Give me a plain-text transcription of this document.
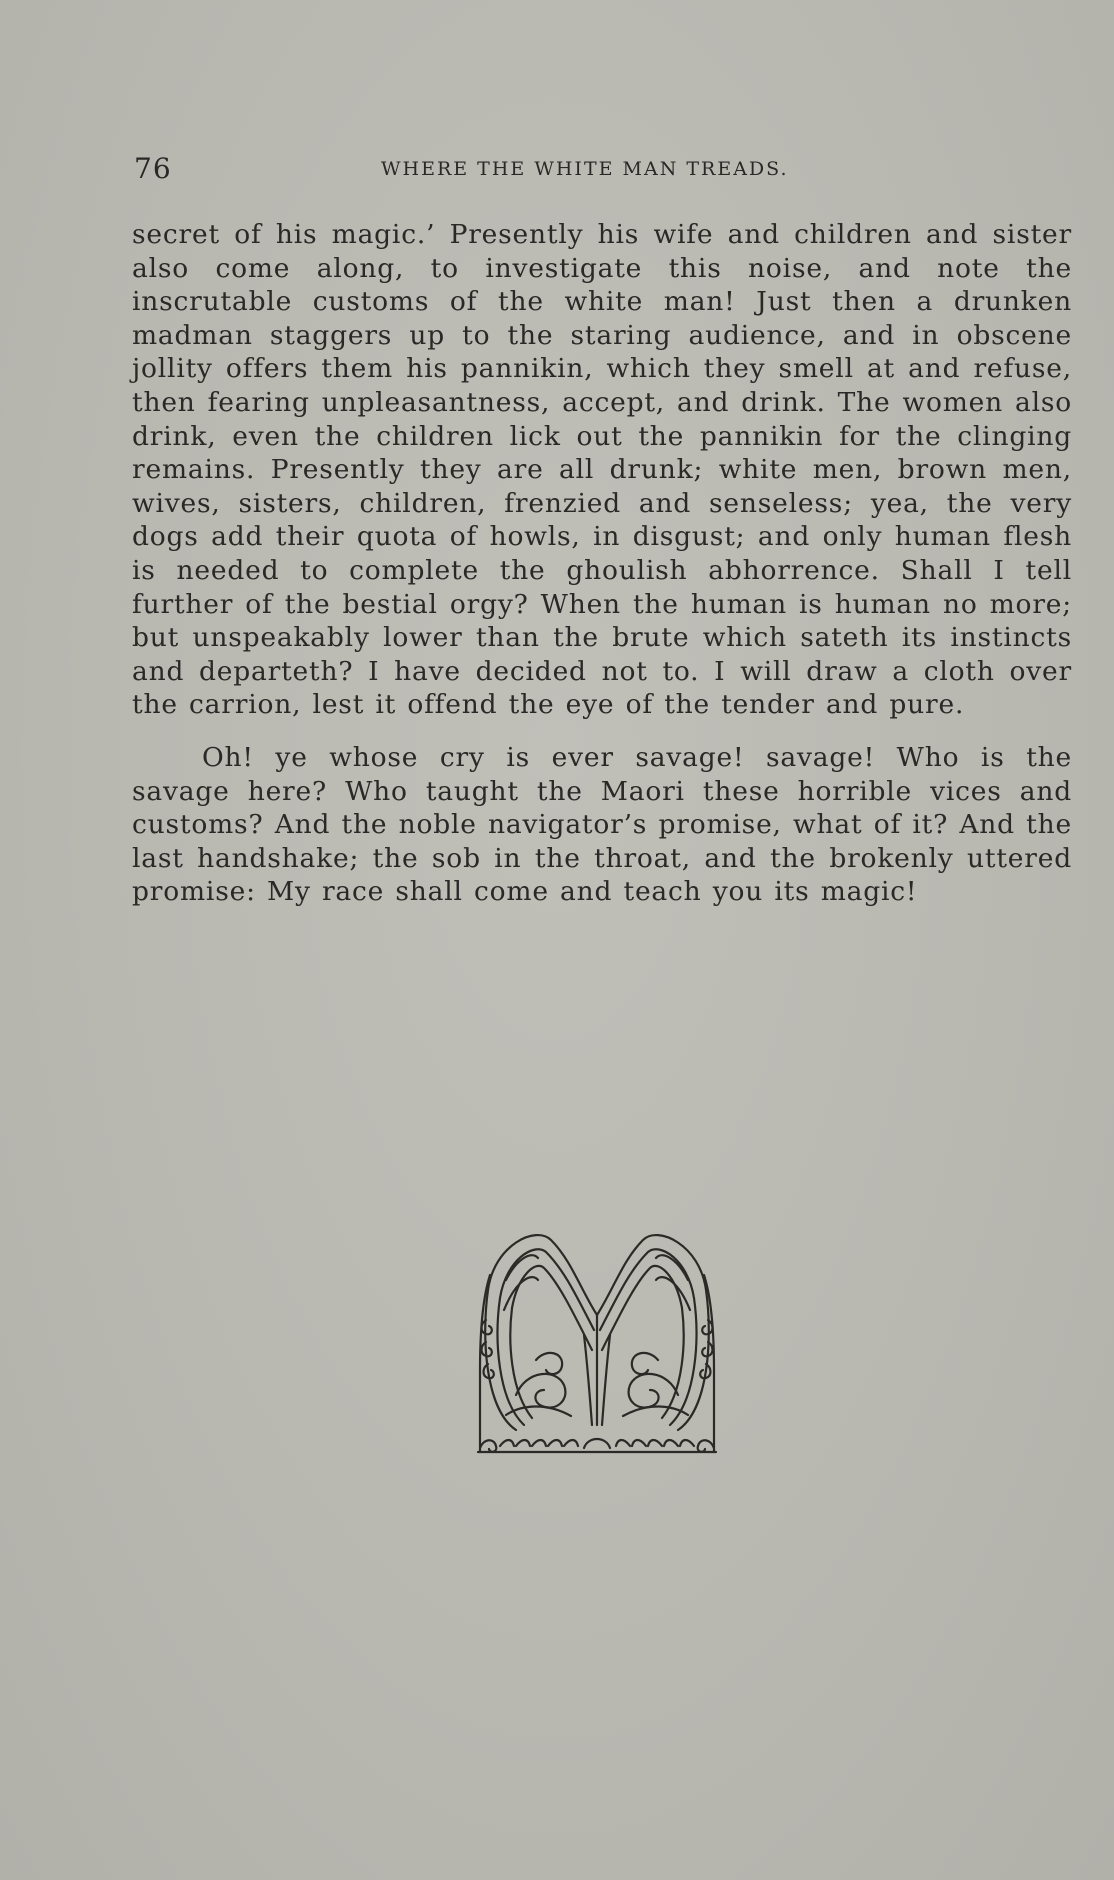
76	WHERE THE WHITE MAN TREADS.

secret of his magic.’ Presently his wife and children and sister also come along, to investigate this noise, and note the inscrutable customs of the white man! Just then a drunken madman staggers up to the staring audience, and in obscene jollity offers them his pannikin, which they smell at and refuse, then fearing unpleasantness, accept, and drink. The women also drink, even the children lick out the pannikin for the clinging remains. Presently they are all drunk; white men, brown men, wives, sisters, children, frenzied and senseless; yea, the very dogs add their quota of howls, in disgust; and only human flesh is needed to complete the ghoulish abhorrence. Shall I tell further of the bestial orgy? When the human is human no more; but unspeakably lower than the brute which sateth its instincts and departeth? I have decided not to. I will draw a cloth over the carrion, lest it offend the eye of the tender and pure.

Oh! ye whose cry is ever savage! savage! Who is the savage here? Who taught the Maori these horrible vices and customs? And the noble navigator’s promise, what of it? And the last handshake; the sob in the throat, and the brokenly uttered promise: My race shall come and teach you its magic!
